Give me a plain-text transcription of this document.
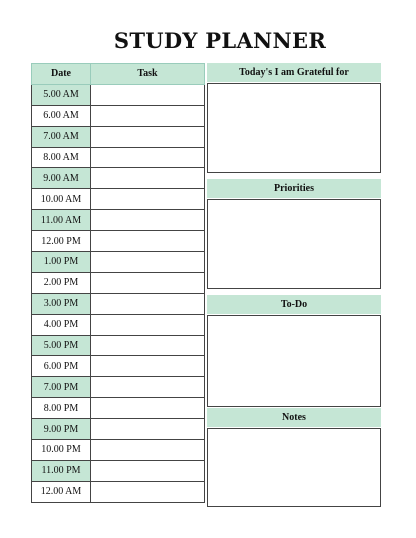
STUDY PLANNER
Date	Task
5.00 AM	
6.00 AM	
7.00 AM	
8.00 AM	
9.00 AM	
10.00 AM	
11.00 AM	
12.00 PM	
1.00 PM	
2.00 PM	
3.00 PM	
4.00 PM	
5.00 PM	
6.00 PM	
7.00 PM	
8.00 PM	
9.00 PM	
10.00 PM	
11.00 PM	
12.00 AM	
Today's I am Grateful for
Priorities
To-Do
Notes
